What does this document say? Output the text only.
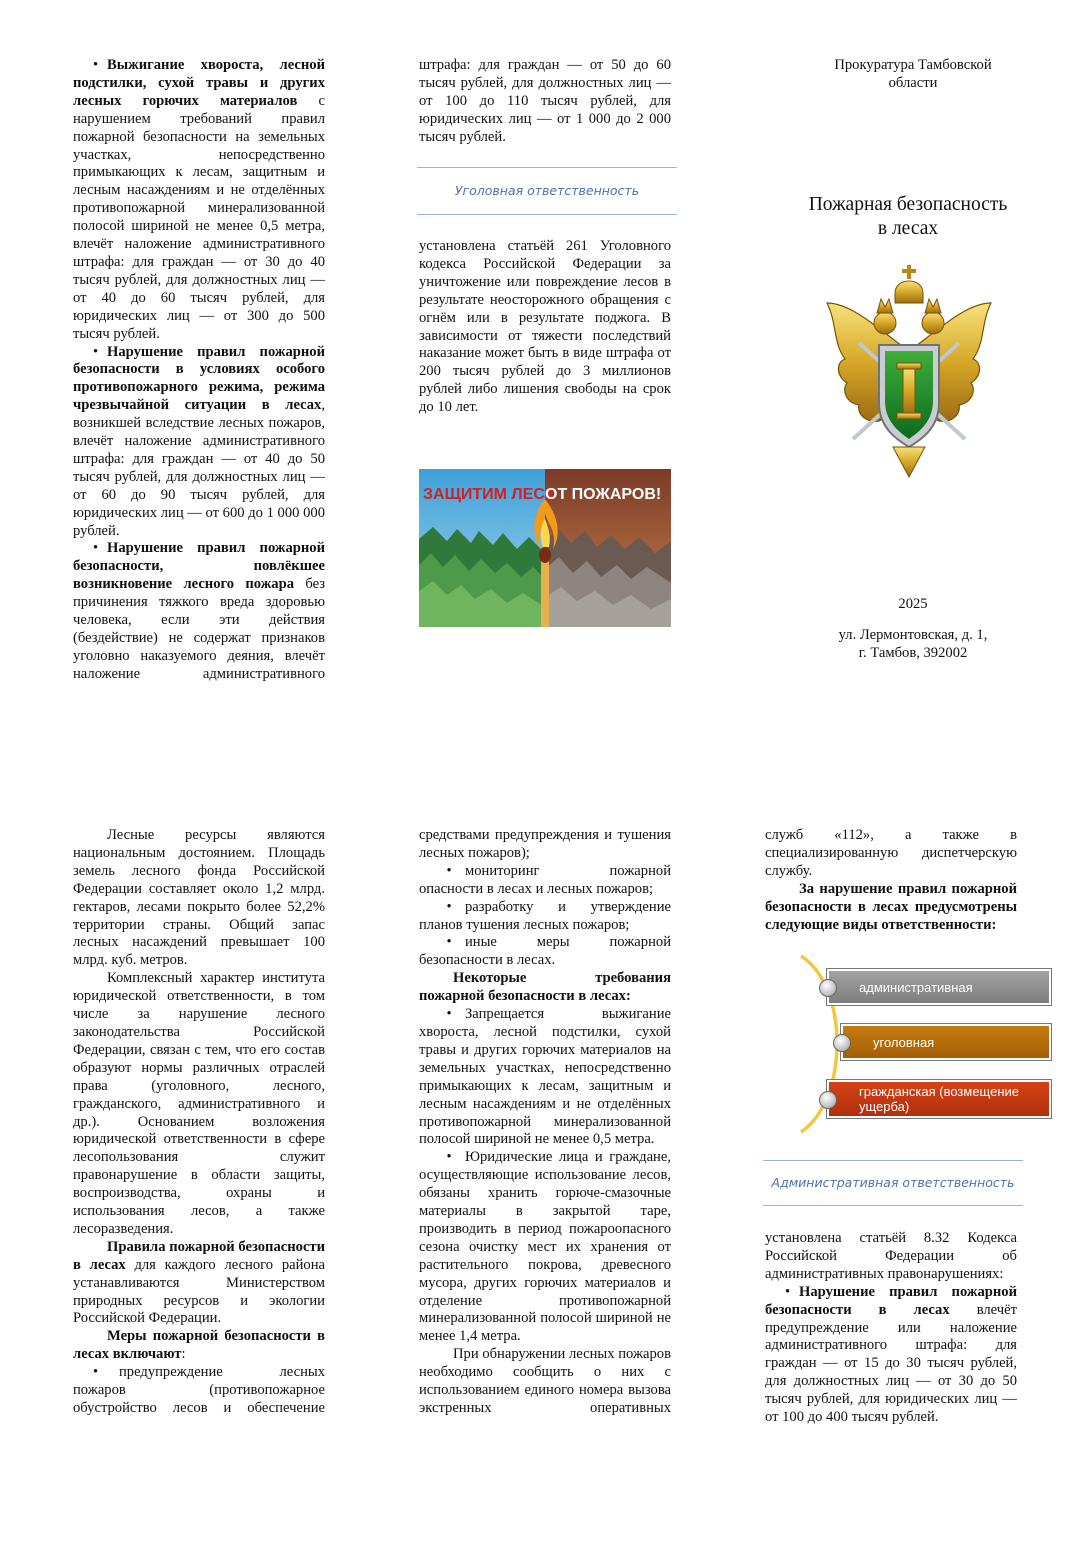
Выжигание хвороста, лесной подстилки, сухой травы и других лесных горючих материалов с нарушением требований правил пожарной безопасности на земельных участках, непосредственно примыкающих к лесам, защитным и лесным насаждениям и не отделённых противопожарной минерализованной полосой шириной не менее 0,5 метра, влечёт наложение административного штрафа: для граждан — от 30 до 40 тысяч рублей, для должностных лиц — от 40 до 60 тысяч рублей, для юридических лиц — от 300 до 500 тысяч рублей.

Нарушение правил пожарной безопасности в условиях особого противопожарного режима, режима чрезвычайной ситуации в лесах, возникшей вследствие лесных пожаров, влечёт наложение административного штрафа: для граждан — от 40 до 50 тысяч рублей, для должностных лиц — от 60 до 90 тысяч рублей, для юридических лиц — от 600 до 1 000 000 рублей.

Нарушение правил пожарной безопасности, повлёкшее возникновение лесного пожара без причинения тяжкого вреда здоровью человека, если эти действия (бездействие) не содержат признаков уголовно наказуемого деяния, влечёт наложение административного

штрафа: для граждан — от 50 до 60 тысяч рублей, для должностных лиц — от 100 до 110 тысяч рублей, для юридических лиц — от 1 000 до 2 000 тысяч рублей.

Уголовная ответственность

установлена статьёй 261 Уголовного кодекса Российской Федерации за уничтожение или повреждение лесов в результате неосторожного обращения с огнём или в результате поджога. В зависимости от тяжести последствий наказание может быть в виде штрафа от 200 тысяч рублей до 3 миллионов рублей либо лишения свободы на срок до 10 лет.

ЗАЩИТИМ ЛЕСА
ОТ ПОЖАРОВ!
Прокуратура Тамбовской
области
Пожарная безопасность
в лесах
2025
ул. Лермонтовская, д. 1,
г. Тамбов, 392002

Лесные ресурсы являются национальным достоянием. Площадь земель лесного фонда Российской Федерации составляет около 1,2 млрд. гектаров, лесами покрыто более 52,2% территории страны. Общий запас лесных насаждений превышает 100 млрд. куб. метров.

Комплексный характер института юридической ответственности, в том числе за нарушение лесного законодательства Российской Федерации, связан с тем, что его состав образуют нормы различных отраслей права (уголовного, лесного, гражданского, административного и др.). Основанием возложения юридической ответственности в сфере лесопользования служит правонарушение в области защиты, воспроизводства, охраны и использования лесов, а также лесоразведения.

Правила пожарной безопасности в лесах для каждого лесного района устанавливаются Министерством природных ресурсов и экологии Российской Федерации.

Меры пожарной безопасности в лесах включают:

• предупреждение лесных пожаров (противопожарное обустройство лесов и обеспечение

средствами предупреждения и тушения лесных пожаров);

• мониторинг пожарной опасности в лесах и лесных пожаров;

• разработку и утверждение планов тушения лесных пожаров;

• иные меры пожарной безопасности в лесах.

Некоторые требования пожарной безопасности в лесах:

• Запрещается выжигание хвороста, лесной подстилки, сухой травы и других горючих материалов на земельных участках, непосредственно примыкающих к лесам, защитным и лесным насаждениям и не отделённых противопожарной минерализованной полосой шириной не менее 0,5 метра.

• Юридические лица и граждане, осуществляющие использование лесов, обязаны хранить горюче-смазочные материалы в закрытой таре, производить в период пожароопасного сезона очистку мест их хранения от растительного покрова, древесного мусора, других горючих материалов и отделение противопожарной минерализованной полосой шириной не менее 1,4 метра.

При обнаружении лесных пожаров необходимо сообщить о них с использованием единого номера вызова экстренных оперативных

служб «112», а также в специализированную диспетчерскую службу.

За нарушение правил пожарной безопасности в лесах предусмотрены следующие виды ответственности:

административная
уголовная
гражданская (возмещение ущерба)
Административная ответственность

установлена статьёй 8.32 Кодекса Российской Федерации об административных правонарушениях:

Нарушение правил пожарной безопасности в лесах влечёт предупреждение или наложение административного штрафа: для граждан — от 15 до 30 тысяч рублей, для должностных лиц — от 30 до 50 тысяч рублей, для юридических лиц — от 100 до 400 тысяч рублей.
